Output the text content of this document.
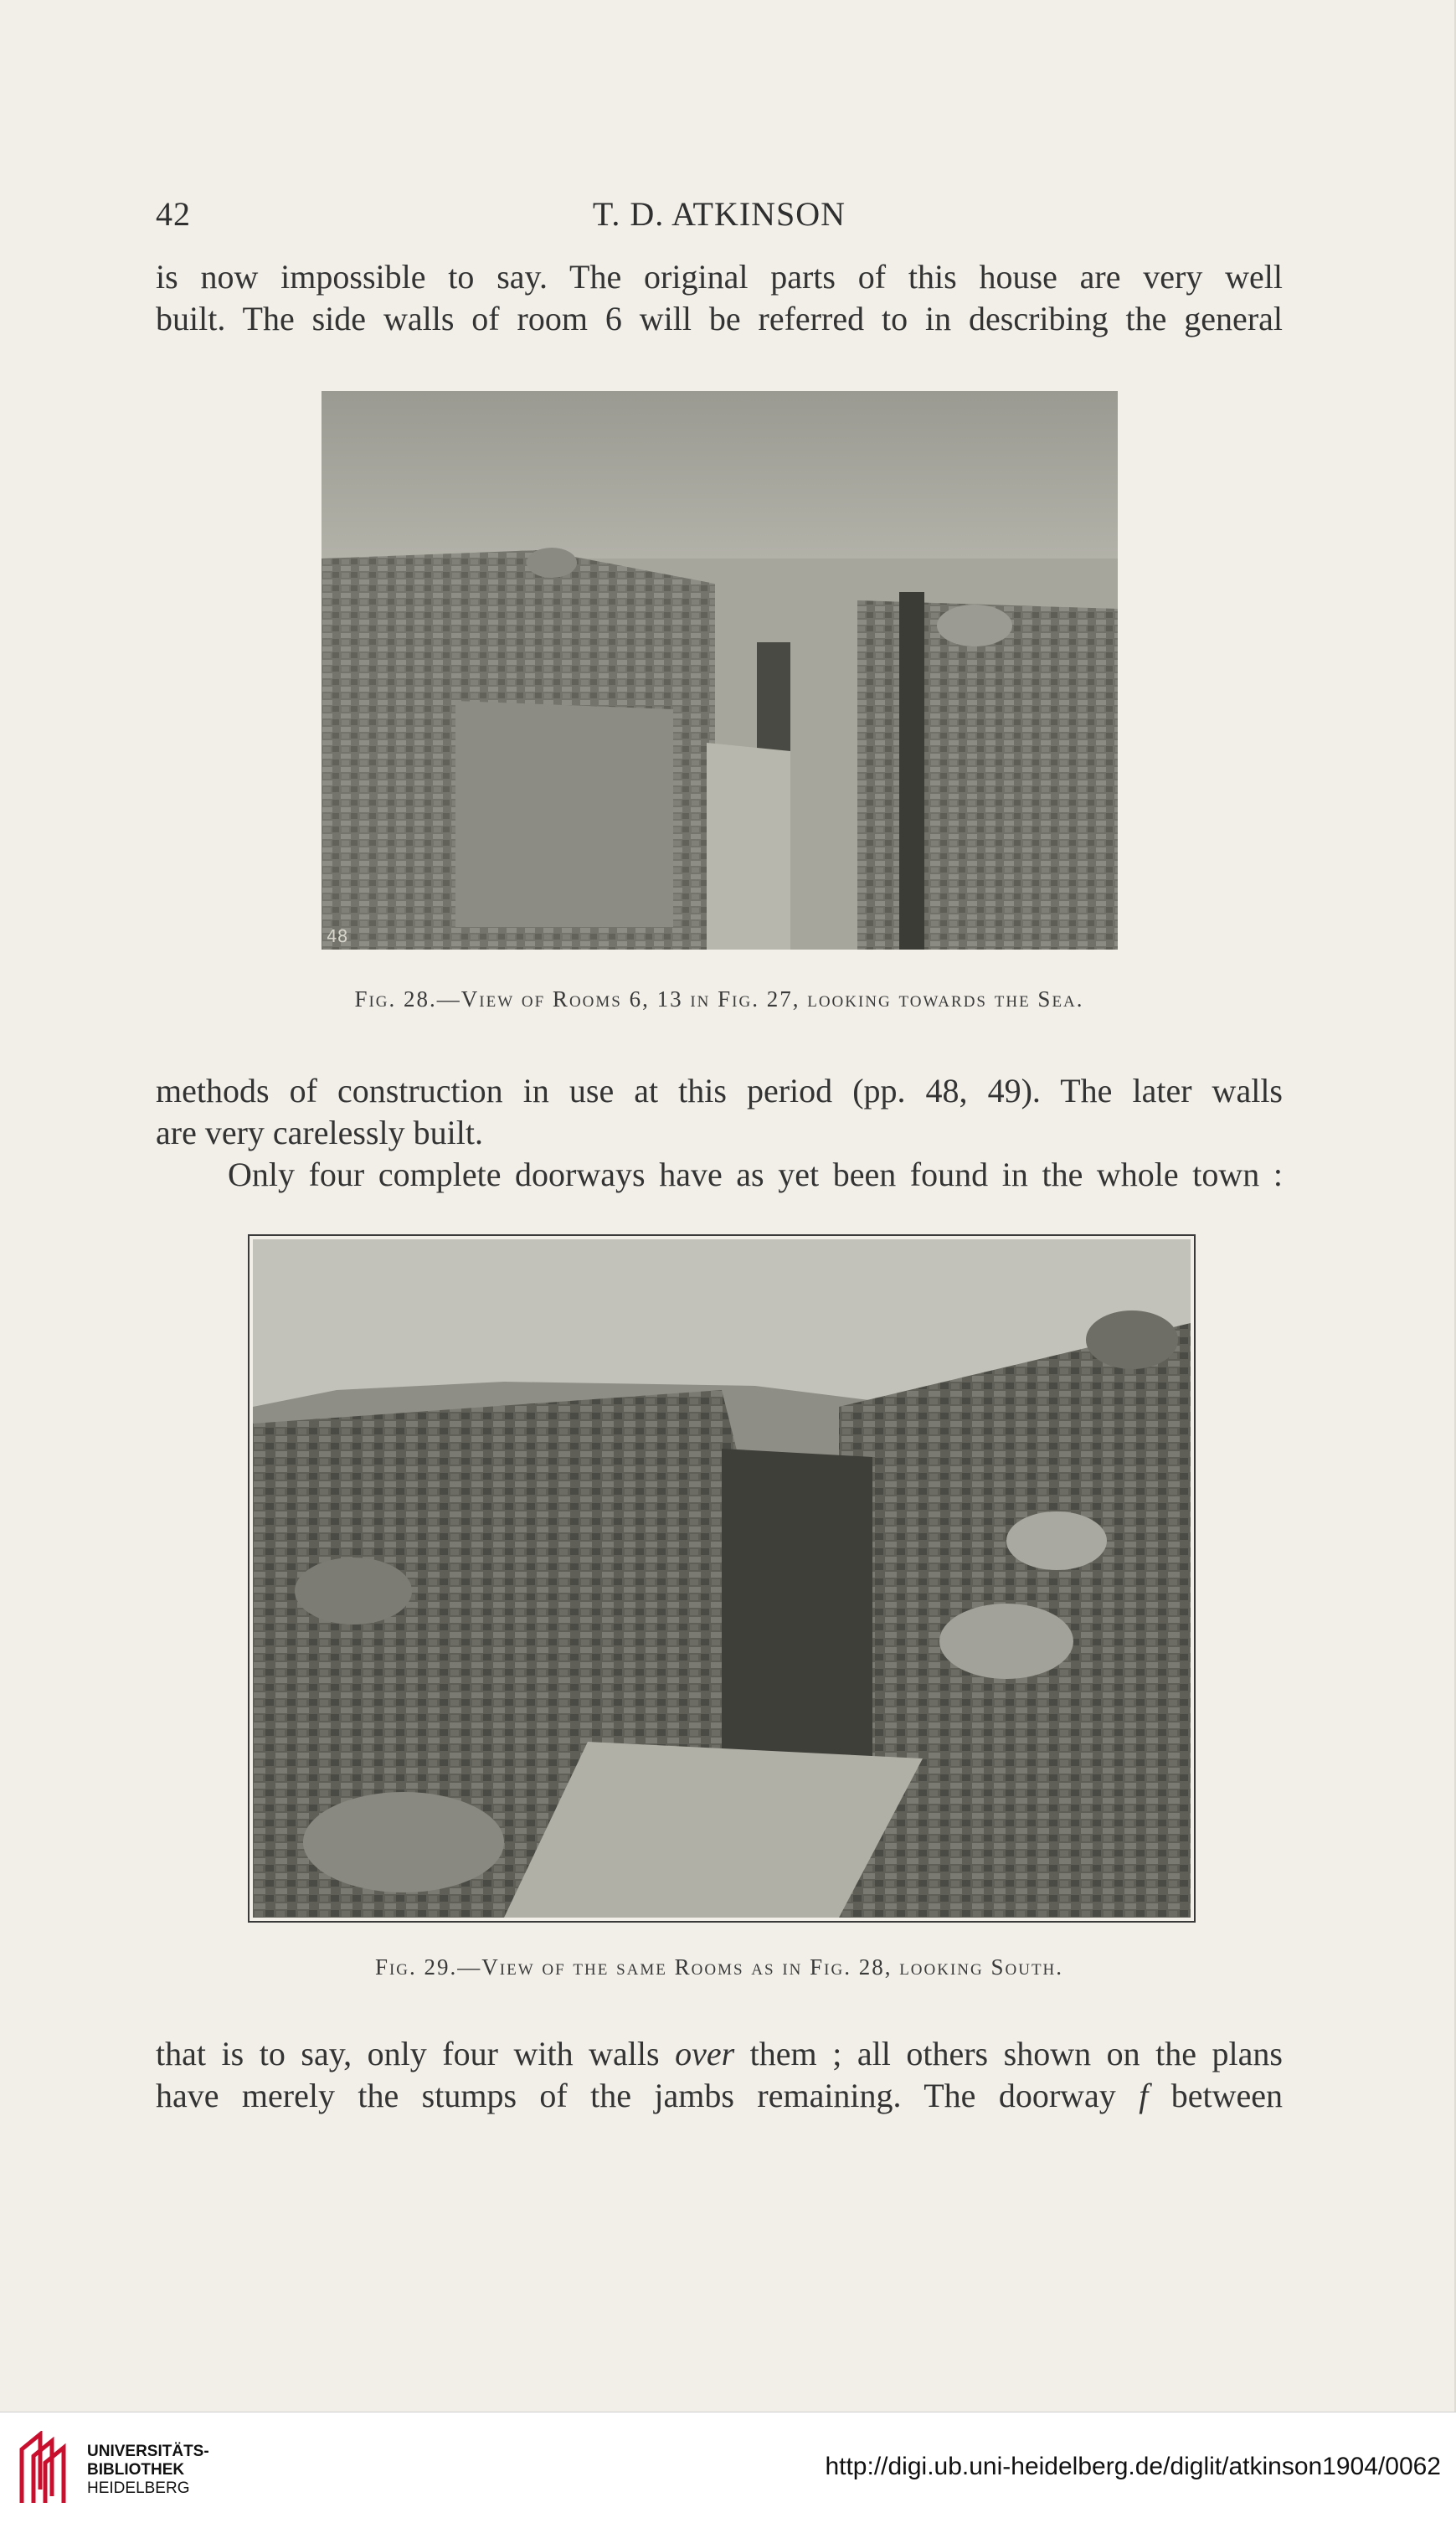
42	T. D. ATKINSON
is now impossible to say. The original parts of this house are very well
built. The side walls of room 6 will be referred to in describing the general
48
Fig. 28.—View of Rooms 6, 13 in Fig. 27, looking towards the Sea.
methods of construction in use at this period (pp. 48, 49). The later walls
are very carelessly built.
Only four complete doorways have as yet been found in the whole town :
Fig. 29.—View of the same Rooms as in Fig. 28, looking South.
that is to say, only four with walls over them ; all others shown on the plans
have merely the stumps of the jambs remaining. The doorway f between
UNIVERSITÄTS-
BIBLIOTHEK
HEIDELBERG
http://digi.ub.uni-heidelberg.de/diglit/atkinson1904/0062
